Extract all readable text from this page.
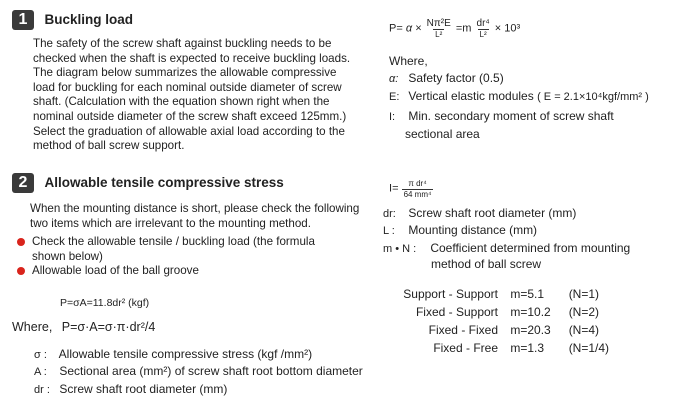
1 Buckling load
The safety of the screw shaft against buckling needs to be
checked when the shaft is expected to receive buckling loads.
The diagram below summarizes the allowable compressive
load for buckling for each nominal outside diameter of screw
shaft. (Calculation with the equation shown right when the
nominal outside diameter of the screw shaft exceed 125mm.)
Select the graduation of allowable axial load according to the
method of ball screw support.
$P= \alpha \times \frac{\text{Nπ²E}}{\text{L²}} =m \frac{\text{dr⁴}}{\text{L²}} \times 10^3$
Where,
α: Safety factor (0.5)
E: Vertical elastic modules ( E = 2.1×10⁴kgf/mm² )
I: Min. secondary moment of screw shaft
sectional area
$I= \frac{\text{π dr⁴}}{\text{64 mm⁴}}$
dr: Screw shaft root diameter (mm)
L : Mounting distance (mm)
m • N : Coefficient determined from mounting
method of ball screw
2 Allowable tensile compressive stress
When the mounting distance is short, please check the following
two items which are irrelevant to the mounting method.
Check the allowable tensile / buckling load (the formula
shown below)
Allowable load of the ball groove
P=σA=11.8dr² (kgf)
Where, P=σ·A=σ·π·dr²/4
σ : Allowable tensile compressive stress (kgf /mm²)
A : Sectional area (mm²) of screw shaft root bottom diameter
dr : Screw shaft root diameter (mm)
Support - Support m=5.1 (N=1)
Fixed - Support m=10.2 (N=2)
Fixed - Fixed m=20.3 (N=4)
Fixed - Free m=1.3 (N=1/4)
